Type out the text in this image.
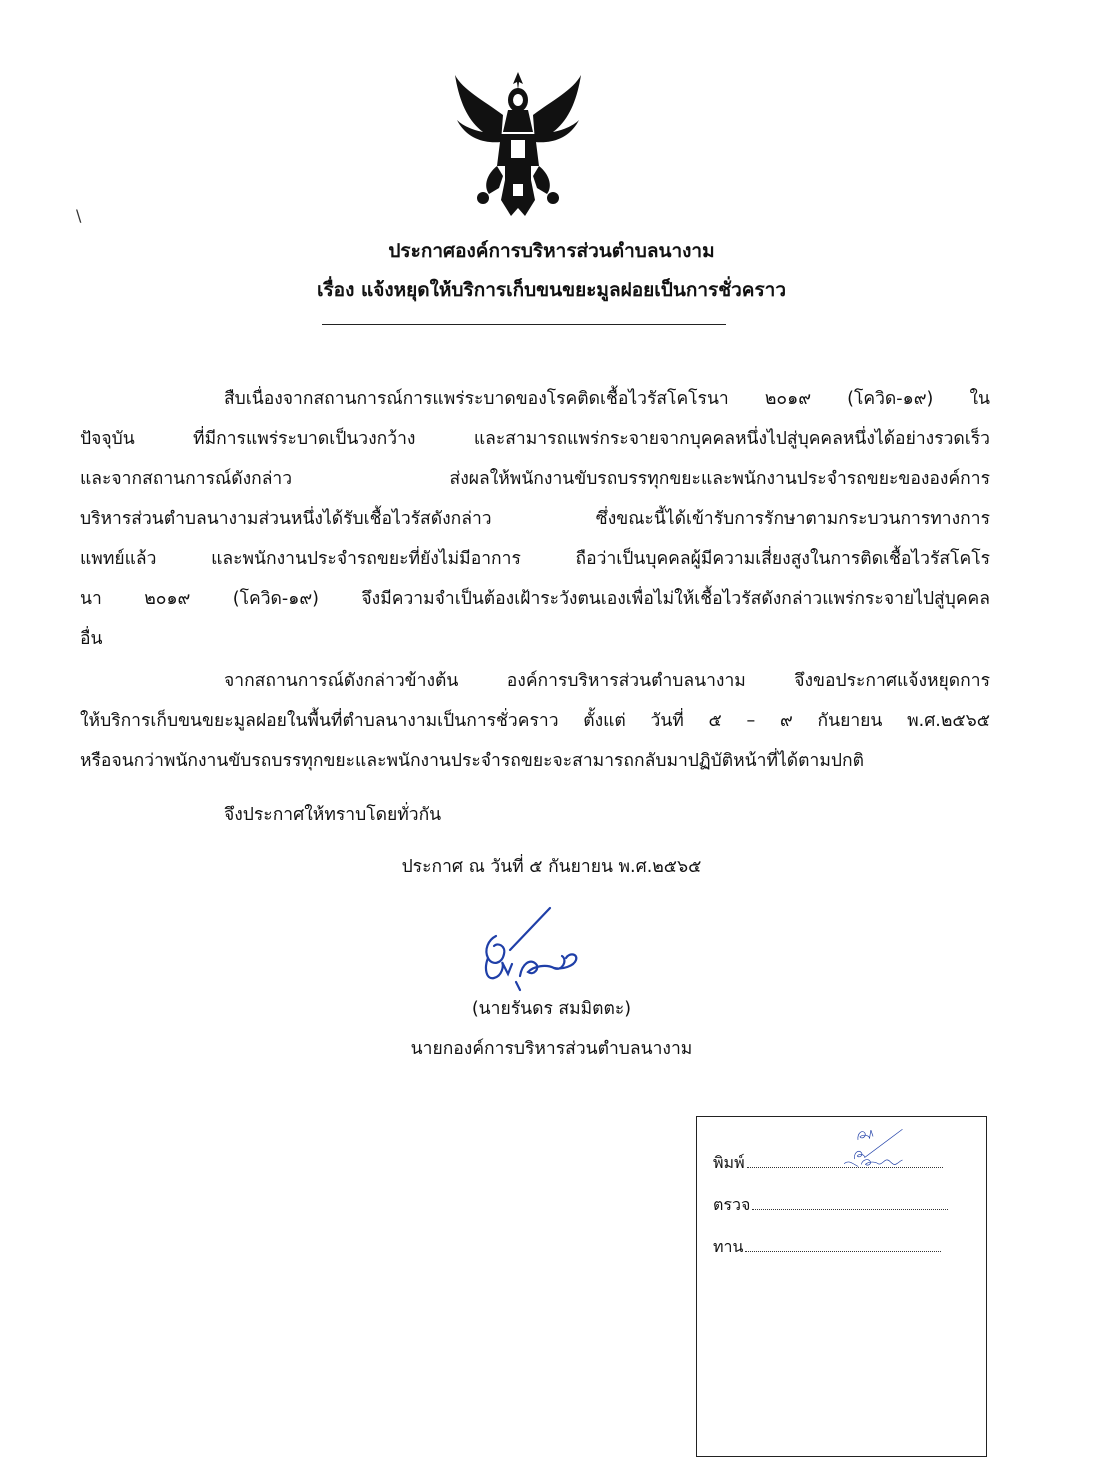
\
ประกาศองค์การบริหารส่วนตำบลนางาม
เรื่อง แจ้งหยุดให้บริการเก็บขนขยะมูลฝอยเป็นการชั่วคราว
สืบเนื่องจากสถานการณ์การแพร่ระบาดของโรคติดเชื้อไวรัสโคโรนา ๒๐๑๙ (โควิด-๑๙) ใน
ปัจจุบัน ที่มีการแพร่ระบาดเป็นวงกว้าง และสามารถแพร่กระจายจากบุคคลหนึ่งไปสู่บุคคลหนึ่งได้อย่างรวดเร็ว
และจากสถานการณ์ดังกล่าว ส่งผลให้พนักงานขับรถบรรทุกขยะและพนักงานประจำรถขยะขององค์การ
บริหารส่วนตำบลนางามส่วนหนึ่งได้รับเชื้อไวรัสดังกล่าว ซึ่งขณะนี้ได้เข้ารับการรักษาตามกระบวนการทางการ
แพทย์แล้ว และพนักงานประจำรถขยะที่ยังไม่มีอาการ ถือว่าเป็นบุคคลผู้มีความเสี่ยงสูงในการติดเชื้อไวรัสโคโร
นา ๒๐๑๙ (โควิด-๑๙) จึงมีความจำเป็นต้องเฝ้าระวังตนเองเพื่อไม่ให้เชื้อไวรัสดังกล่าวแพร่กระจายไปสู่บุคคล
อื่น
จากสถานการณ์ดังกล่าวข้างต้น องค์การบริหารส่วนตำบลนางาม จึงขอประกาศแจ้งหยุดการ
ให้บริการเก็บขนขยะมูลฝอยในพื้นที่ตำบลนางามเป็นการชั่วคราว ตั้งแต่ วันที่ ๕ – ๙ กันยายน พ.ศ.๒๕๖๕
หรือจนกว่าพนักงานขับรถบรรทุกขยะและพนักงานประจำรถขยะจะสามารถกลับมาปฏิบัติหน้าที่ได้ตามปกติ
จึงประกาศให้ทราบโดยทั่วกัน
ประกาศ ณ วันที่ ๕ กันยายน พ.ศ.๒๕๖๕
(นายรันดร สมมิตตะ)
นายกองค์การบริหารส่วนตำบลนางาม
พิมพ์
ตรวจ
ทาน
